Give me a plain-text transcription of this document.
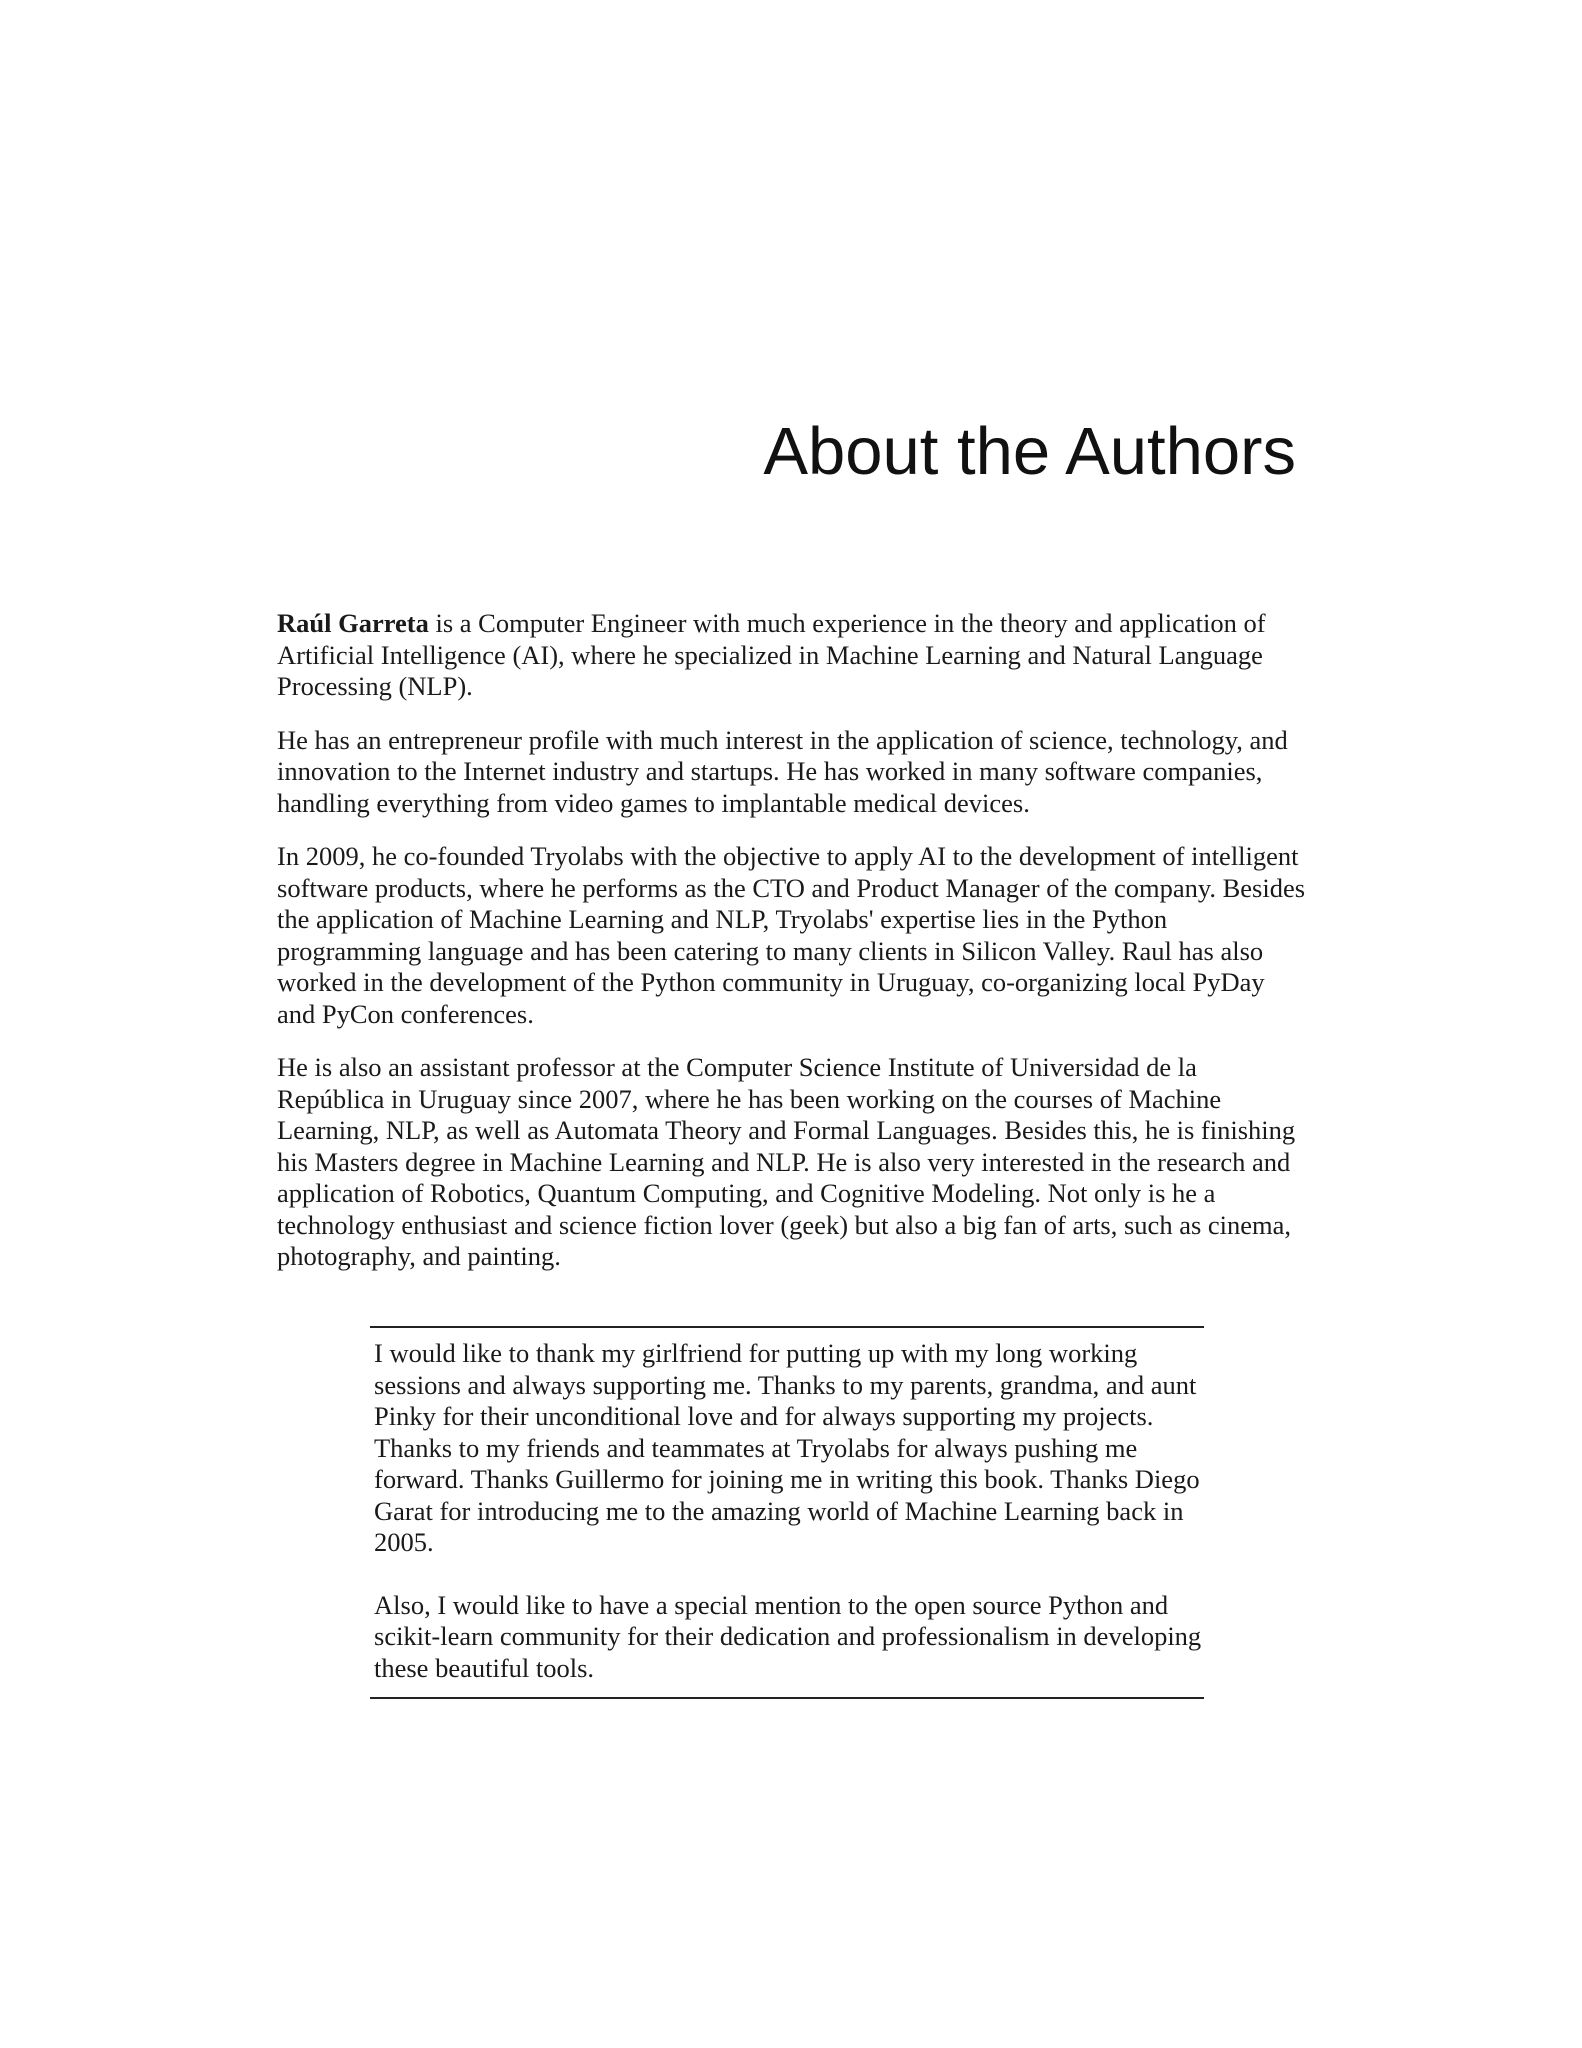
About the Authors

Raúl Garreta is a Computer Engineer with much experience in the theory and application of Artificial Intelligence (AI), where he specialized in Machine Learning and Natural Language Processing (NLP).

He has an entrepreneur profile with much interest in the application of science, technology, and innovation to the Internet industry and startups. He has worked in many software companies, handling everything from video games to implantable medical devices.

In 2009, he co-founded Tryolabs with the objective to apply AI to the development of intelligent software products, where he performs as the CTO and Product Manager of the company. Besides the application of Machine Learning and NLP, Tryolabs' expertise lies in the Python programming language and has been catering to many clients in Silicon Valley. Raul has also worked in the development of the Python community in Uruguay, co-organizing local PyDay and PyCon conferences.

He is also an assistant professor at the Computer Science Institute of Universidad de la República in Uruguay since 2007, where he has been working on the courses of Machine Learning, NLP, as well as Automata Theory and Formal Languages. Besides this, he is finishing his Masters degree in Machine Learning and NLP. He is also very interested in the research and application of Robotics, Quantum Computing, and Cognitive Modeling. Not only is he a technology enthusiast and science fiction lover (geek) but also a big fan of arts, such as cinema, photography, and painting.

I would like to thank my girlfriend for putting up with my long working sessions and always supporting me. Thanks to my parents, grandma, and aunt Pinky for their unconditional love and for always supporting my projects. Thanks to my friends and teammates at Tryolabs for always pushing me forward. Thanks Guillermo for joining me in writing this book. Thanks Diego Garat for introducing me to the amazing world of Machine Learning back in 2005.

Also, I would like to have a special mention to the open source Python and scikit-learn community for their dedication and professionalism in developing these beautiful tools.
